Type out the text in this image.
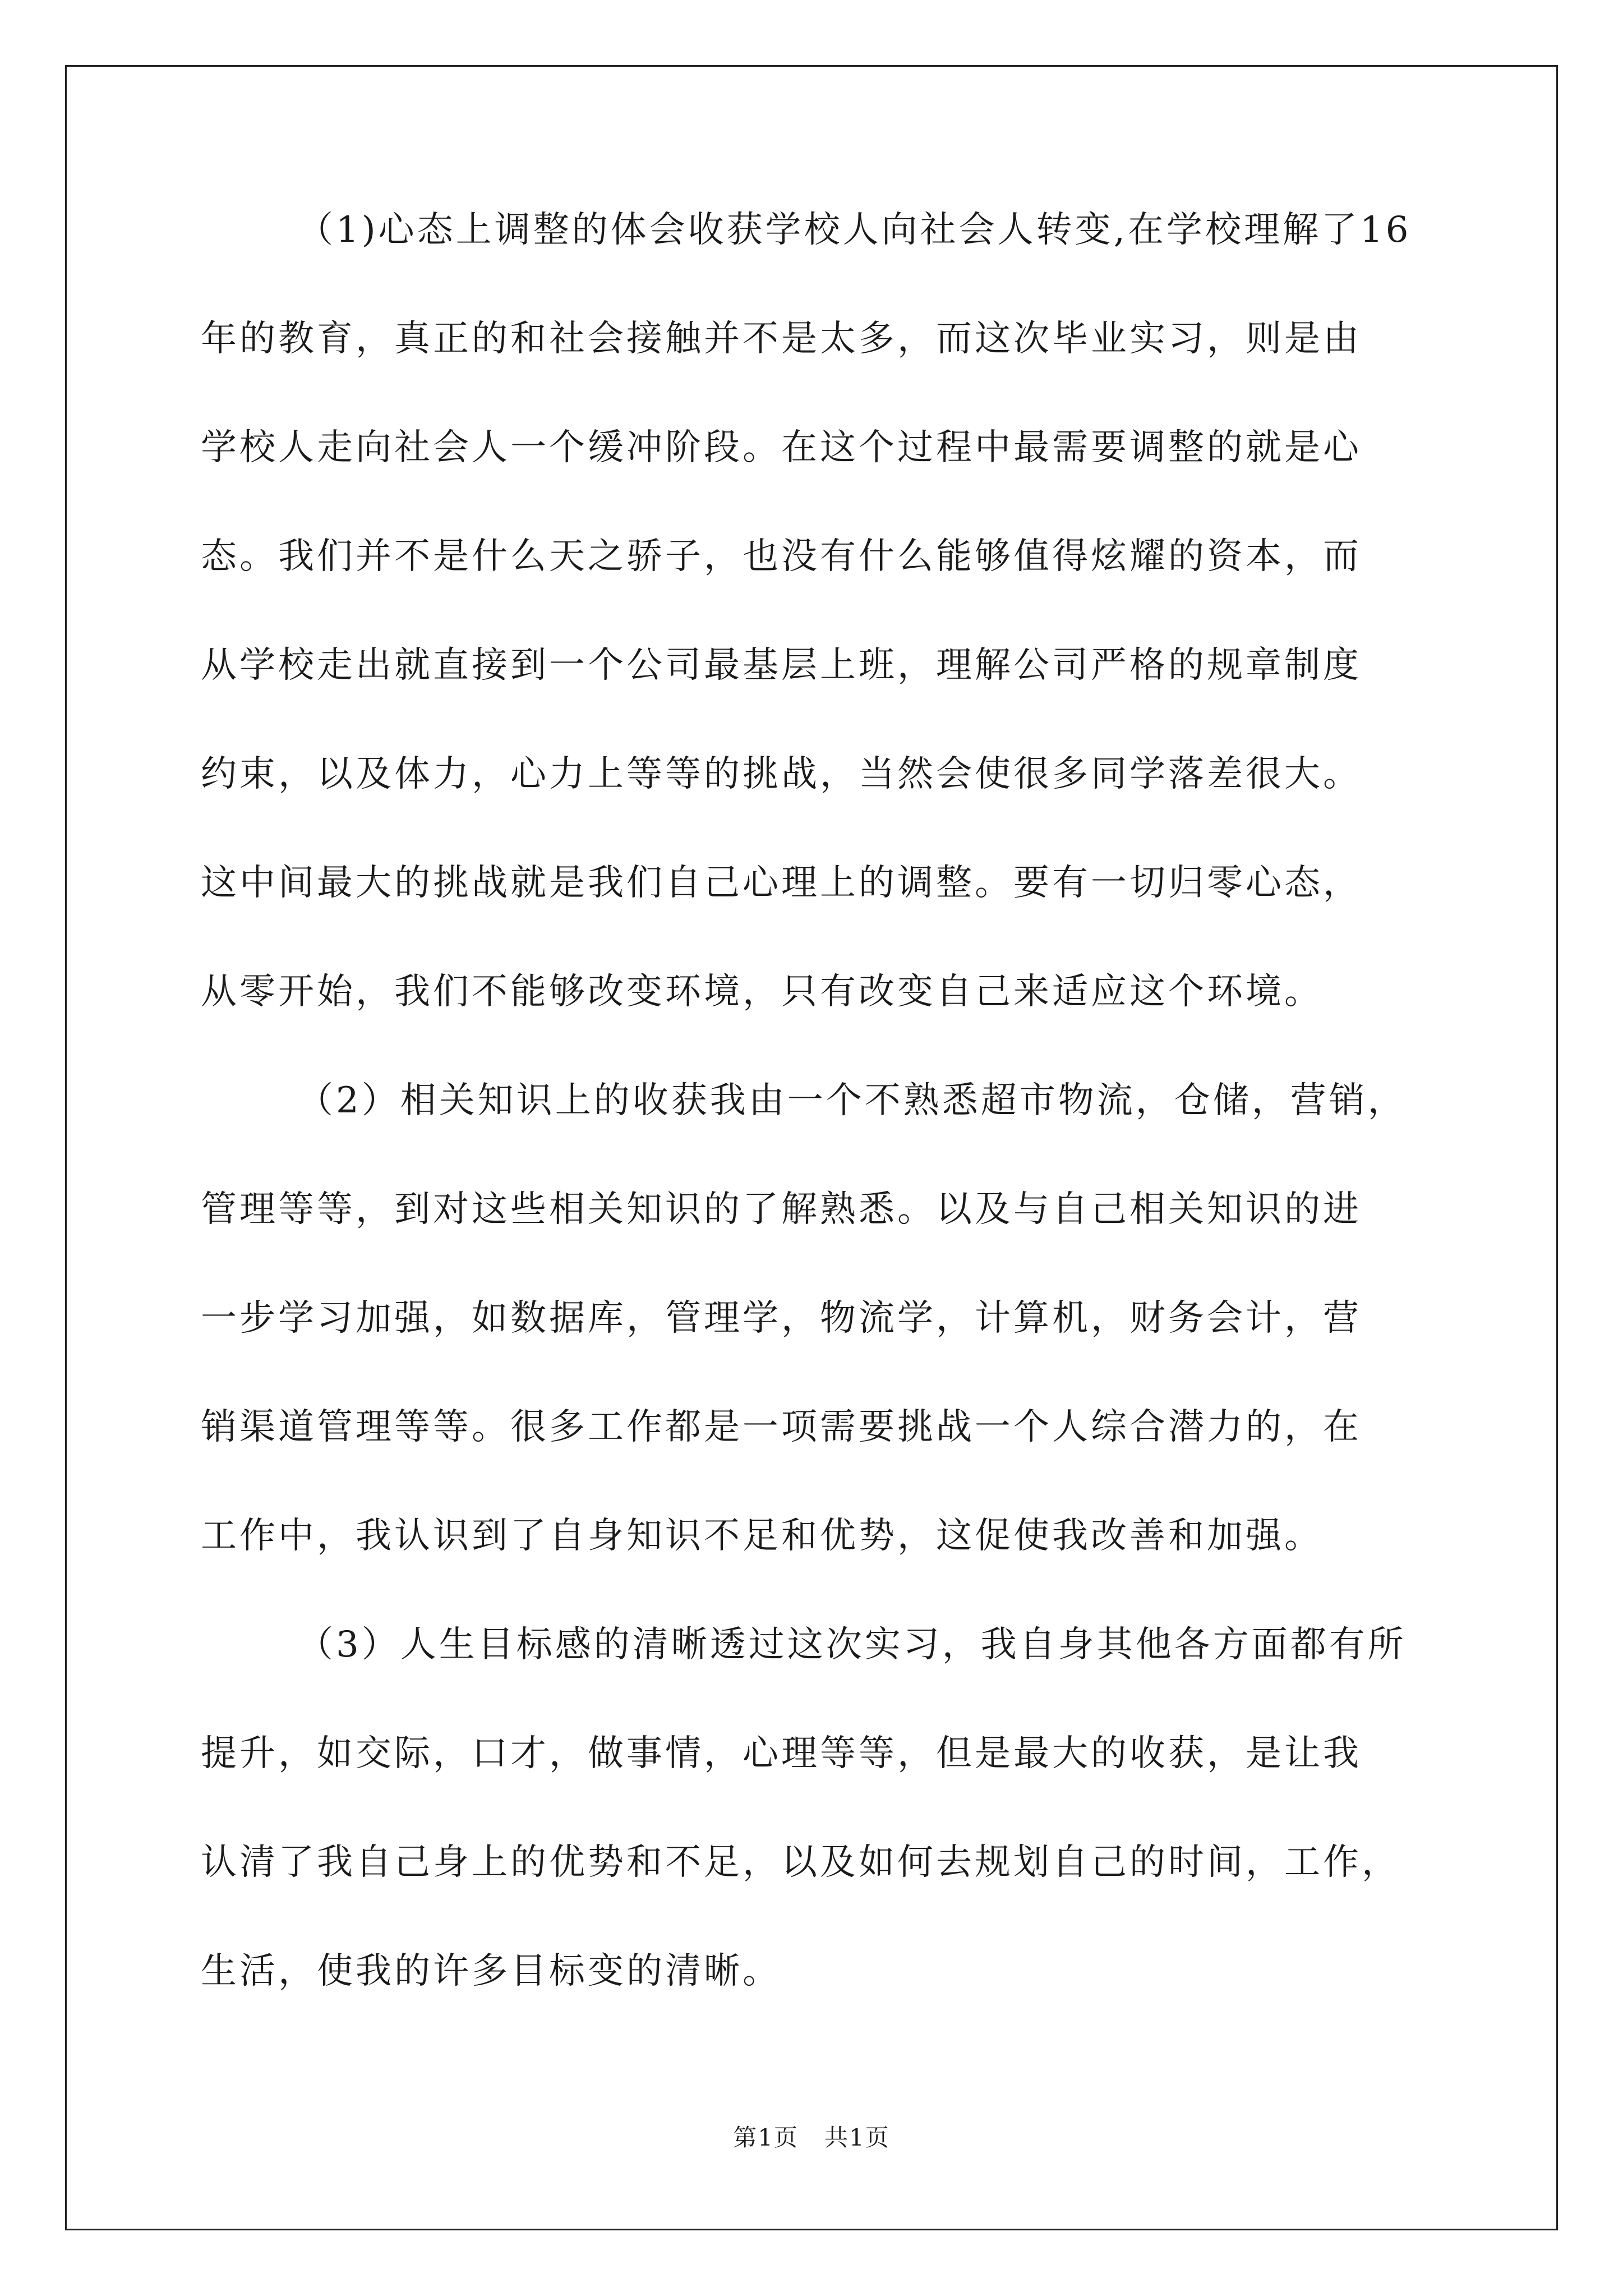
（1)心态上调整的体会收获学校人向社会人转变,在学校理解了16
年的教育，真正的和社会接触并不是太多，而这次毕业实习，则是由
学校人走向社会人一个缓冲阶段。在这个过程中最需要调整的就是心
态。我们并不是什么天之骄子，也没有什么能够值得炫耀的资本，而
从学校走出就直接到一个公司最基层上班，理解公司严格的规章制度
约束，以及体力，心力上等等的挑战，当然会使很多同学落差很大。
这中间最大的挑战就是我们自己心理上的调整。要有一切归零心态，
从零开始，我们不能够改变环境，只有改变自己来适应这个环境。
（2）相关知识上的收获我由一个不熟悉超市物流，仓储，营销，
管理等等，到对这些相关知识的了解熟悉。以及与自己相关知识的进
一步学习加强，如数据库，管理学，物流学，计算机，财务会计，营
销渠道管理等等。很多工作都是一项需要挑战一个人综合潜力的，在
工作中，我认识到了自身知识不足和优势，这促使我改善和加强。
（3）人生目标感的清晰透过这次实习，我自身其他各方面都有所
提升，如交际，口才，做事情，心理等等，但是最大的收获，是让我
认清了我自己身上的优势和不足，以及如何去规划自己的时间，工作，
生活，使我的许多目标变的清晰。
第1页   共1页
